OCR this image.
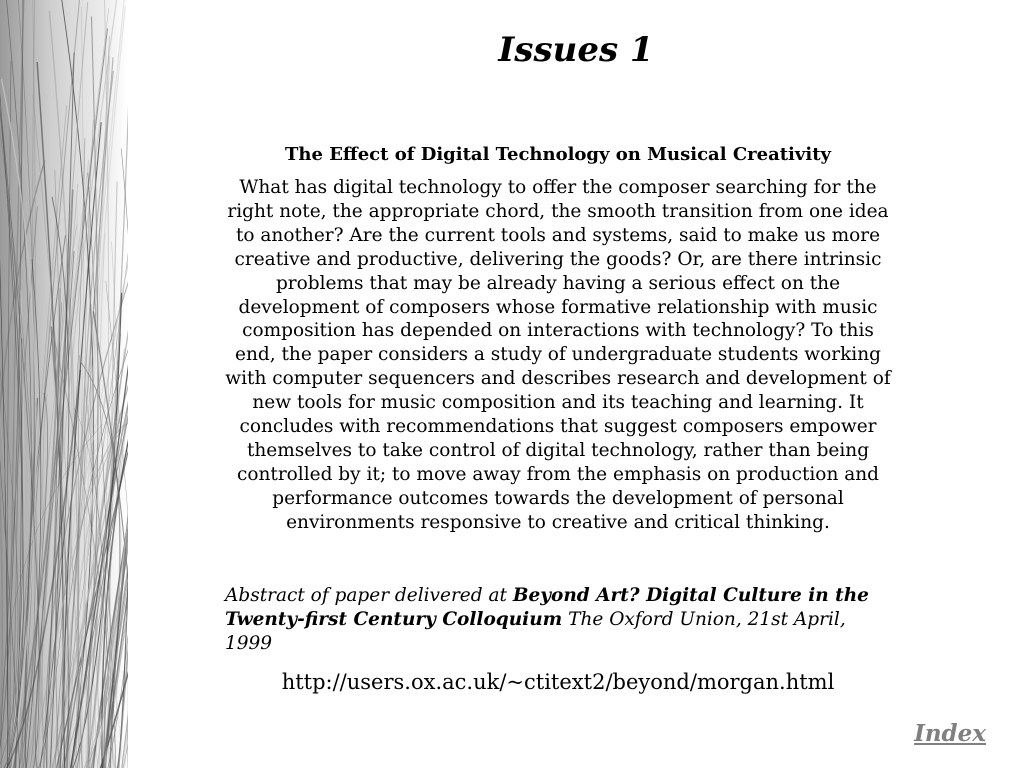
Issues 1

The Effect of Digital Technology on Musical Creativity

What has digital technology to offer the composer searching for the right note, the appropriate chord, the smooth transition from one idea to another? Are the current tools and systems, said to make us more creative and productive, delivering the goods? Or, are there intrinsic problems that may be already having a serious effect on the development of composers whose formative relationship with music composition has depended on interactions with technology? To this end, the paper considers a study of undergraduate students working with computer sequencers and describes research and development of new tools for music composition and its teaching and learning. It concludes with recommendations that suggest composers empower themselves to take control of digital technology, rather than being controlled by it; to move away from the emphasis on production and performance outcomes towards the development of personal environments responsive to creative and critical thinking.

Abstract of paper delivered at Beyond Art? Digital Culture in the Twenty-first Century Colloquium The Oxford Union, 21st April, 1999

http://users.ox.ac.uk/~ctitext2/beyond/morgan.html

Index
